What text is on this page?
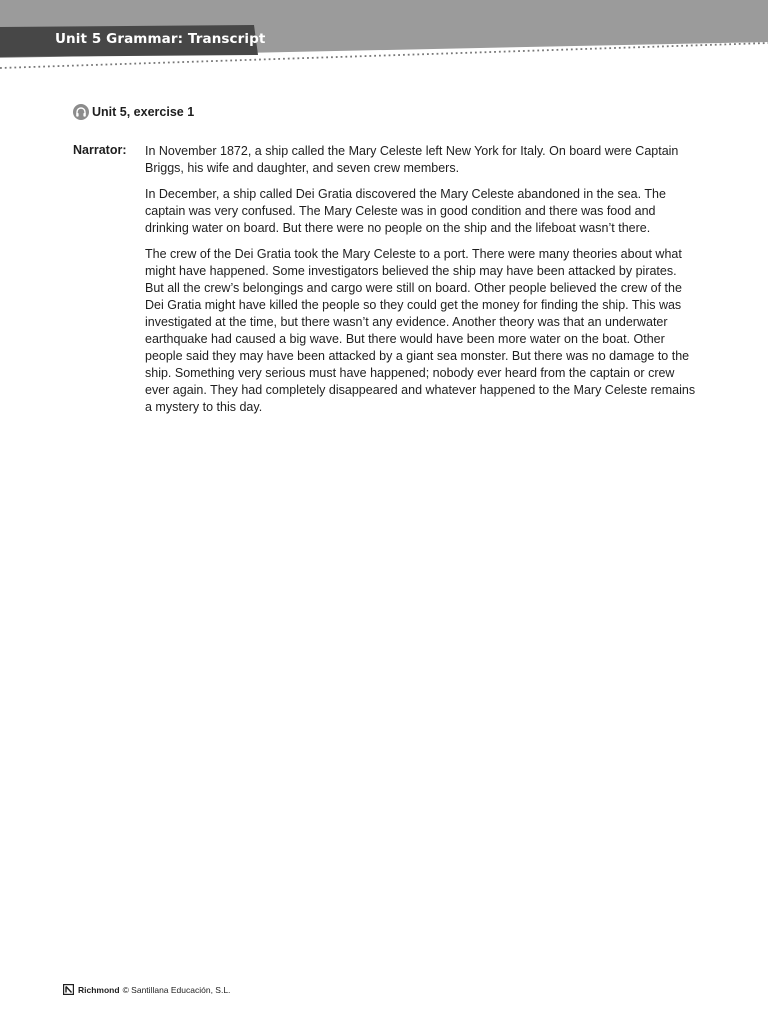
Unit 5 Grammar: Transcript
Unit 5, exercise 1
Narrator: In November 1872, a ship called the Mary Celeste left New York for Italy. On board were Captain Briggs, his wife and daughter, and seven crew members.

In December, a ship called Dei Gratia discovered the Mary Celeste abandoned in the sea. The captain was very confused. The Mary Celeste was in good condition and there was food and drinking water on board. But there were no people on the ship and the lifeboat wasn’t there.

The crew of the Dei Gratia took the Mary Celeste to a port. There were many theories about what might have happened. Some investigators believed the ship may have been attacked by pirates. But all the crew’s belongings and cargo were still on board. Other people believed the crew of the Dei Gratia might have killed the people so they could get the money for finding the ship. This was investigated at the time, but there wasn’t any evidence. Another theory was that an underwater earthquake had caused a big wave. But there would have been more water on the boat. Other people said they may have been attacked by a giant sea monster. But there was no damage to the ship. Something very serious must have happened; nobody ever heard from the captain or crew ever again. They had completely disappeared and whatever happened to the Mary Celeste remains a mystery to this day.

Richmond © Santillana Educación, S.L.
